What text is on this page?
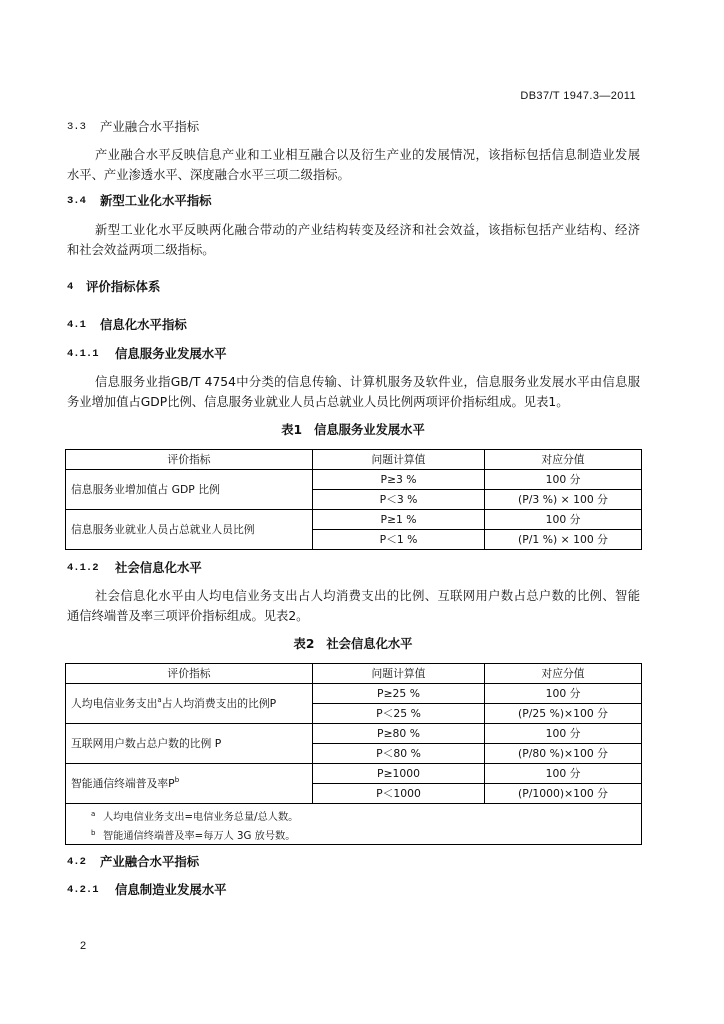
DB37/T 1947.3—2011
3.3 产业融合水平指标
产业融合水平反映信息产业和工业相互融合以及衍生产业的发展情况，该指标包括信息制造业发展
水平、产业渗透水平、深度融合水平三项二级指标。
3.4 新型工业化水平指标
新型工业化水平反映两化融合带动的产业结构转变及经济和社会效益，该指标包括产业结构、经济
和社会效益两项二级指标。
4 评价指标体系
4.1 信息化水平指标
4.1.1 信息服务业发展水平
信息服务业指GB/T 4754中分类的信息传输、计算机服务及软件业，信息服务业发展水平由信息服
务业增加值占GDP比例、信息服务业就业人员占总就业人员比例两项评价指标组成。见表1。
表1 信息服务业发展水平
评价指标	问题计算值	对应分值
信息服务业增加值占 GDP 比例	P≥3 %	100 分
	P＜3 %	(P/3 %) × 100 分
信息服务业就业人员占总就业人员比例	P≥1 %	100 分
	P＜1 %	(P/1 %) × 100 分
4.1.2 社会信息化水平
社会信息化水平由人均电信业务支出占人均消费支出的比例、互联网用户数占总户数的比例、智能
通信终端普及率三项评价指标组成。见表2。
表2 社会信息化水平
评价指标	问题计算值	对应分值
人均电信业务支出$^a$占人均消费支出的比例P	P≥25 %	100 分
	P＜25 %	(P/25 %)×100 分
互联网用户数占总户数的比例 P	P≥80 %	100 分
	P＜80 %	(P/80 %)×100 分
智能通信终端普及率$P^b$	P≥1000	100 分
	P＜1000	(P/1000)×100 分

a 人均电信业务支出=电信业务总量/总人数。
b 智能通信终端普及率=每万人 3G 放号数。		
4.2 产业融合水平指标
4.2.1 信息制造业发展水平
2
